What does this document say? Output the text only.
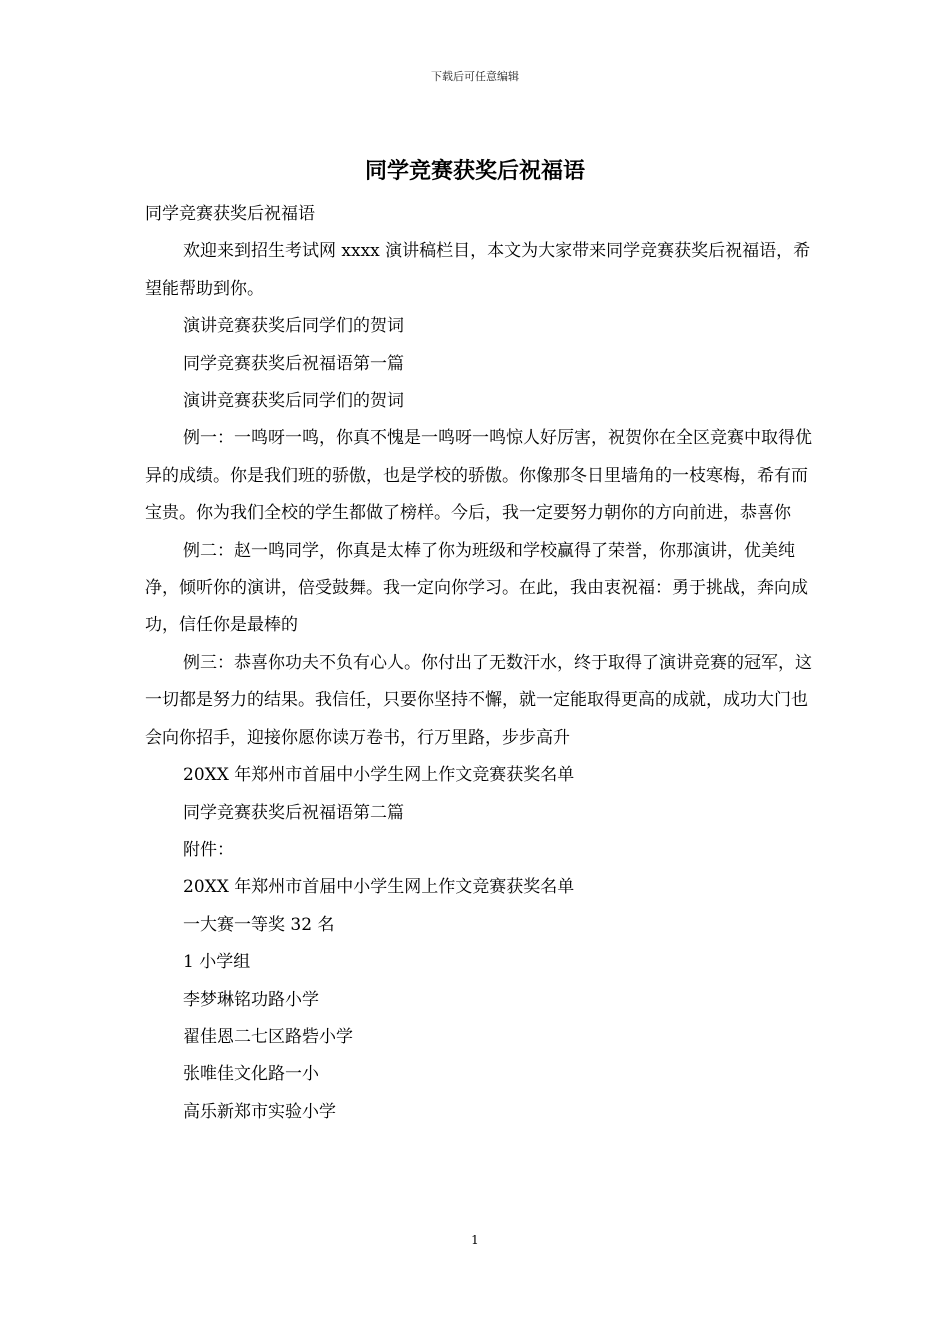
下载后可任意编辑
同学竞赛获奖后祝福语

同学竞赛获奖后祝福语

欢迎来到招生考试网 xxxx 演讲稿栏目，本文为大家带来同学竞赛获奖后祝福语，希望能帮助到你。

演讲竞赛获奖后同学们的贺词

同学竞赛获奖后祝福语第一篇

演讲竞赛获奖后同学们的贺词

例一：一鸣呀一鸣，你真不愧是一鸣呀一鸣惊人好厉害，祝贺你在全区竞赛中取得优异的成绩。你是我们班的骄傲，也是学校的骄傲。你像那冬日里墙角的一枝寒梅，希有而宝贵。你为我们全校的学生都做了榜样。今后，我一定要努力朝你的方向前进，恭喜你

例二：赵一鸣同学，你真是太棒了你为班级和学校赢得了荣誉，你那演讲，优美纯净，倾听你的演讲，倍受鼓舞。我一定向你学习。在此，我由衷祝福：勇于挑战，奔向成功，信任你是最棒的

例三：恭喜你功夫不负有心人。你付出了无数汗水，终于取得了演讲竞赛的冠军，这一切都是努力的结果。我信任，只要你坚持不懈，就一定能取得更高的成就，成功大门也会向你招手，迎接你愿你读万卷书，行万里路，步步高升

20XX 年郑州市首届中小学生网上作文竞赛获奖名单

同学竞赛获奖后祝福语第二篇

附件：

20XX 年郑州市首届中小学生网上作文竞赛获奖名单

一大赛一等奖 32 名

1 小学组

李梦琳铭功路小学

翟佳恩二七区路砦小学

张唯佳文化路一小

高乐新郑市实验小学

1
